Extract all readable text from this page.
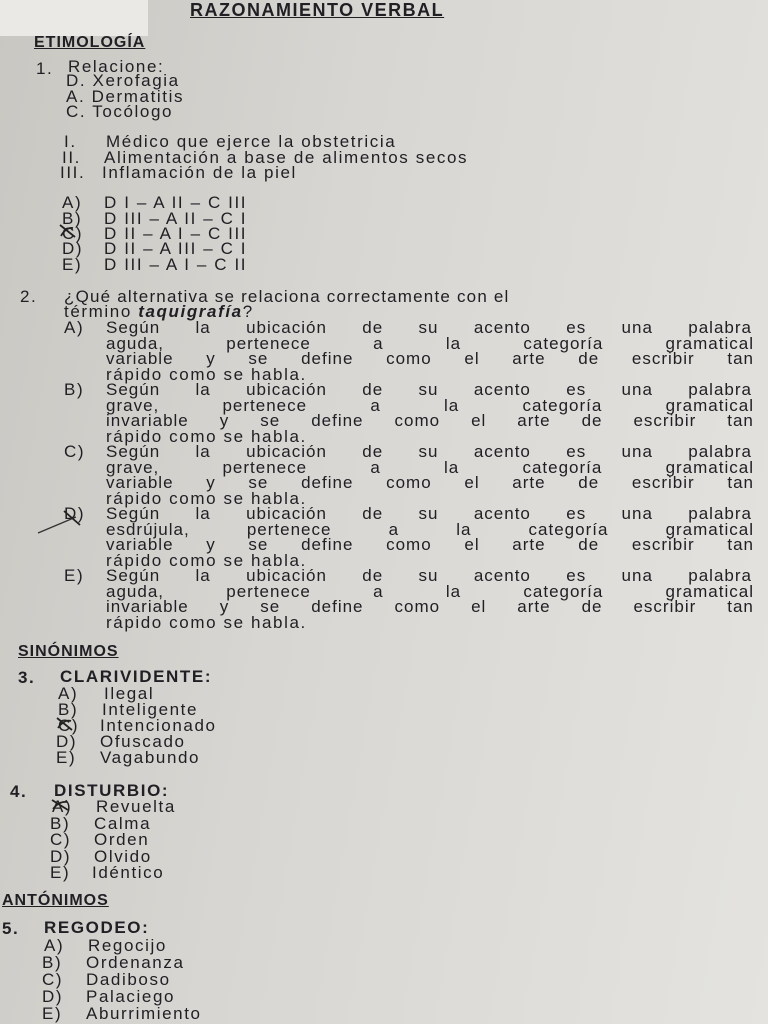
RAZONAMIENTO VERBAL
ETIMOLOGÍA
1. Relacione:
D. Xerofagia
A. Dermatitis
C. Tocólogo
I. Médico que ejerce la obstetricia
II. Alimentación a base de alimentos secos
III. Inflamación de la piel
A) D I – A II – C III
B) D III – A II – C I
C) D II – A I – C III
D) D II – A III – C I
E) D III – A I – C II
2. ¿Qué alternativa se relaciona correctamente con el
término taquigrafía?
A) Según la ubicación de su acento es una palabra
aguda,	pertenece	a	la	categoría	gramatical
variable y se define como el arte de escribir tan
rápido como se habla.
B) Según la ubicación de su acento es una palabra
grave,	pertenece	a	la	categoría	gramatical
invariable y se define como el arte de escribir tan
rápido como se habla.
C) Según la ubicación de su acento es una palabra
grave,	pertenece	a	la	categoría	gramatical
variable y se define como el arte de escribir tan
rápido como se habla.
D) Según la ubicación de su acento es una palabra
esdrújula,	pertenece	a	la	categoría	gramatical
variable y se define como el arte de escribir tan
rápido como se habla.
E) Según la ubicación de su acento es una palabra
aguda,	pertenece	a	la	categoría	gramatical
invariable y se define como el arte de escribir tan
rápido como se habla.
SINÓNIMOS
3. CLARIVIDENTE:
A) Ilegal
B) Inteligente
C) Intencionado
D) Ofuscado
E) Vagabundo
4. DISTURBIO:
A) Revuelta
B) Calma
C) Orden
D) Olvido
E) Idéntico
ANTÓNIMOS
5. REGODEO:
A) Regocijo
B) Ordenanza
C) Dadiboso
D) Palaciego
E) Aburrimiento
